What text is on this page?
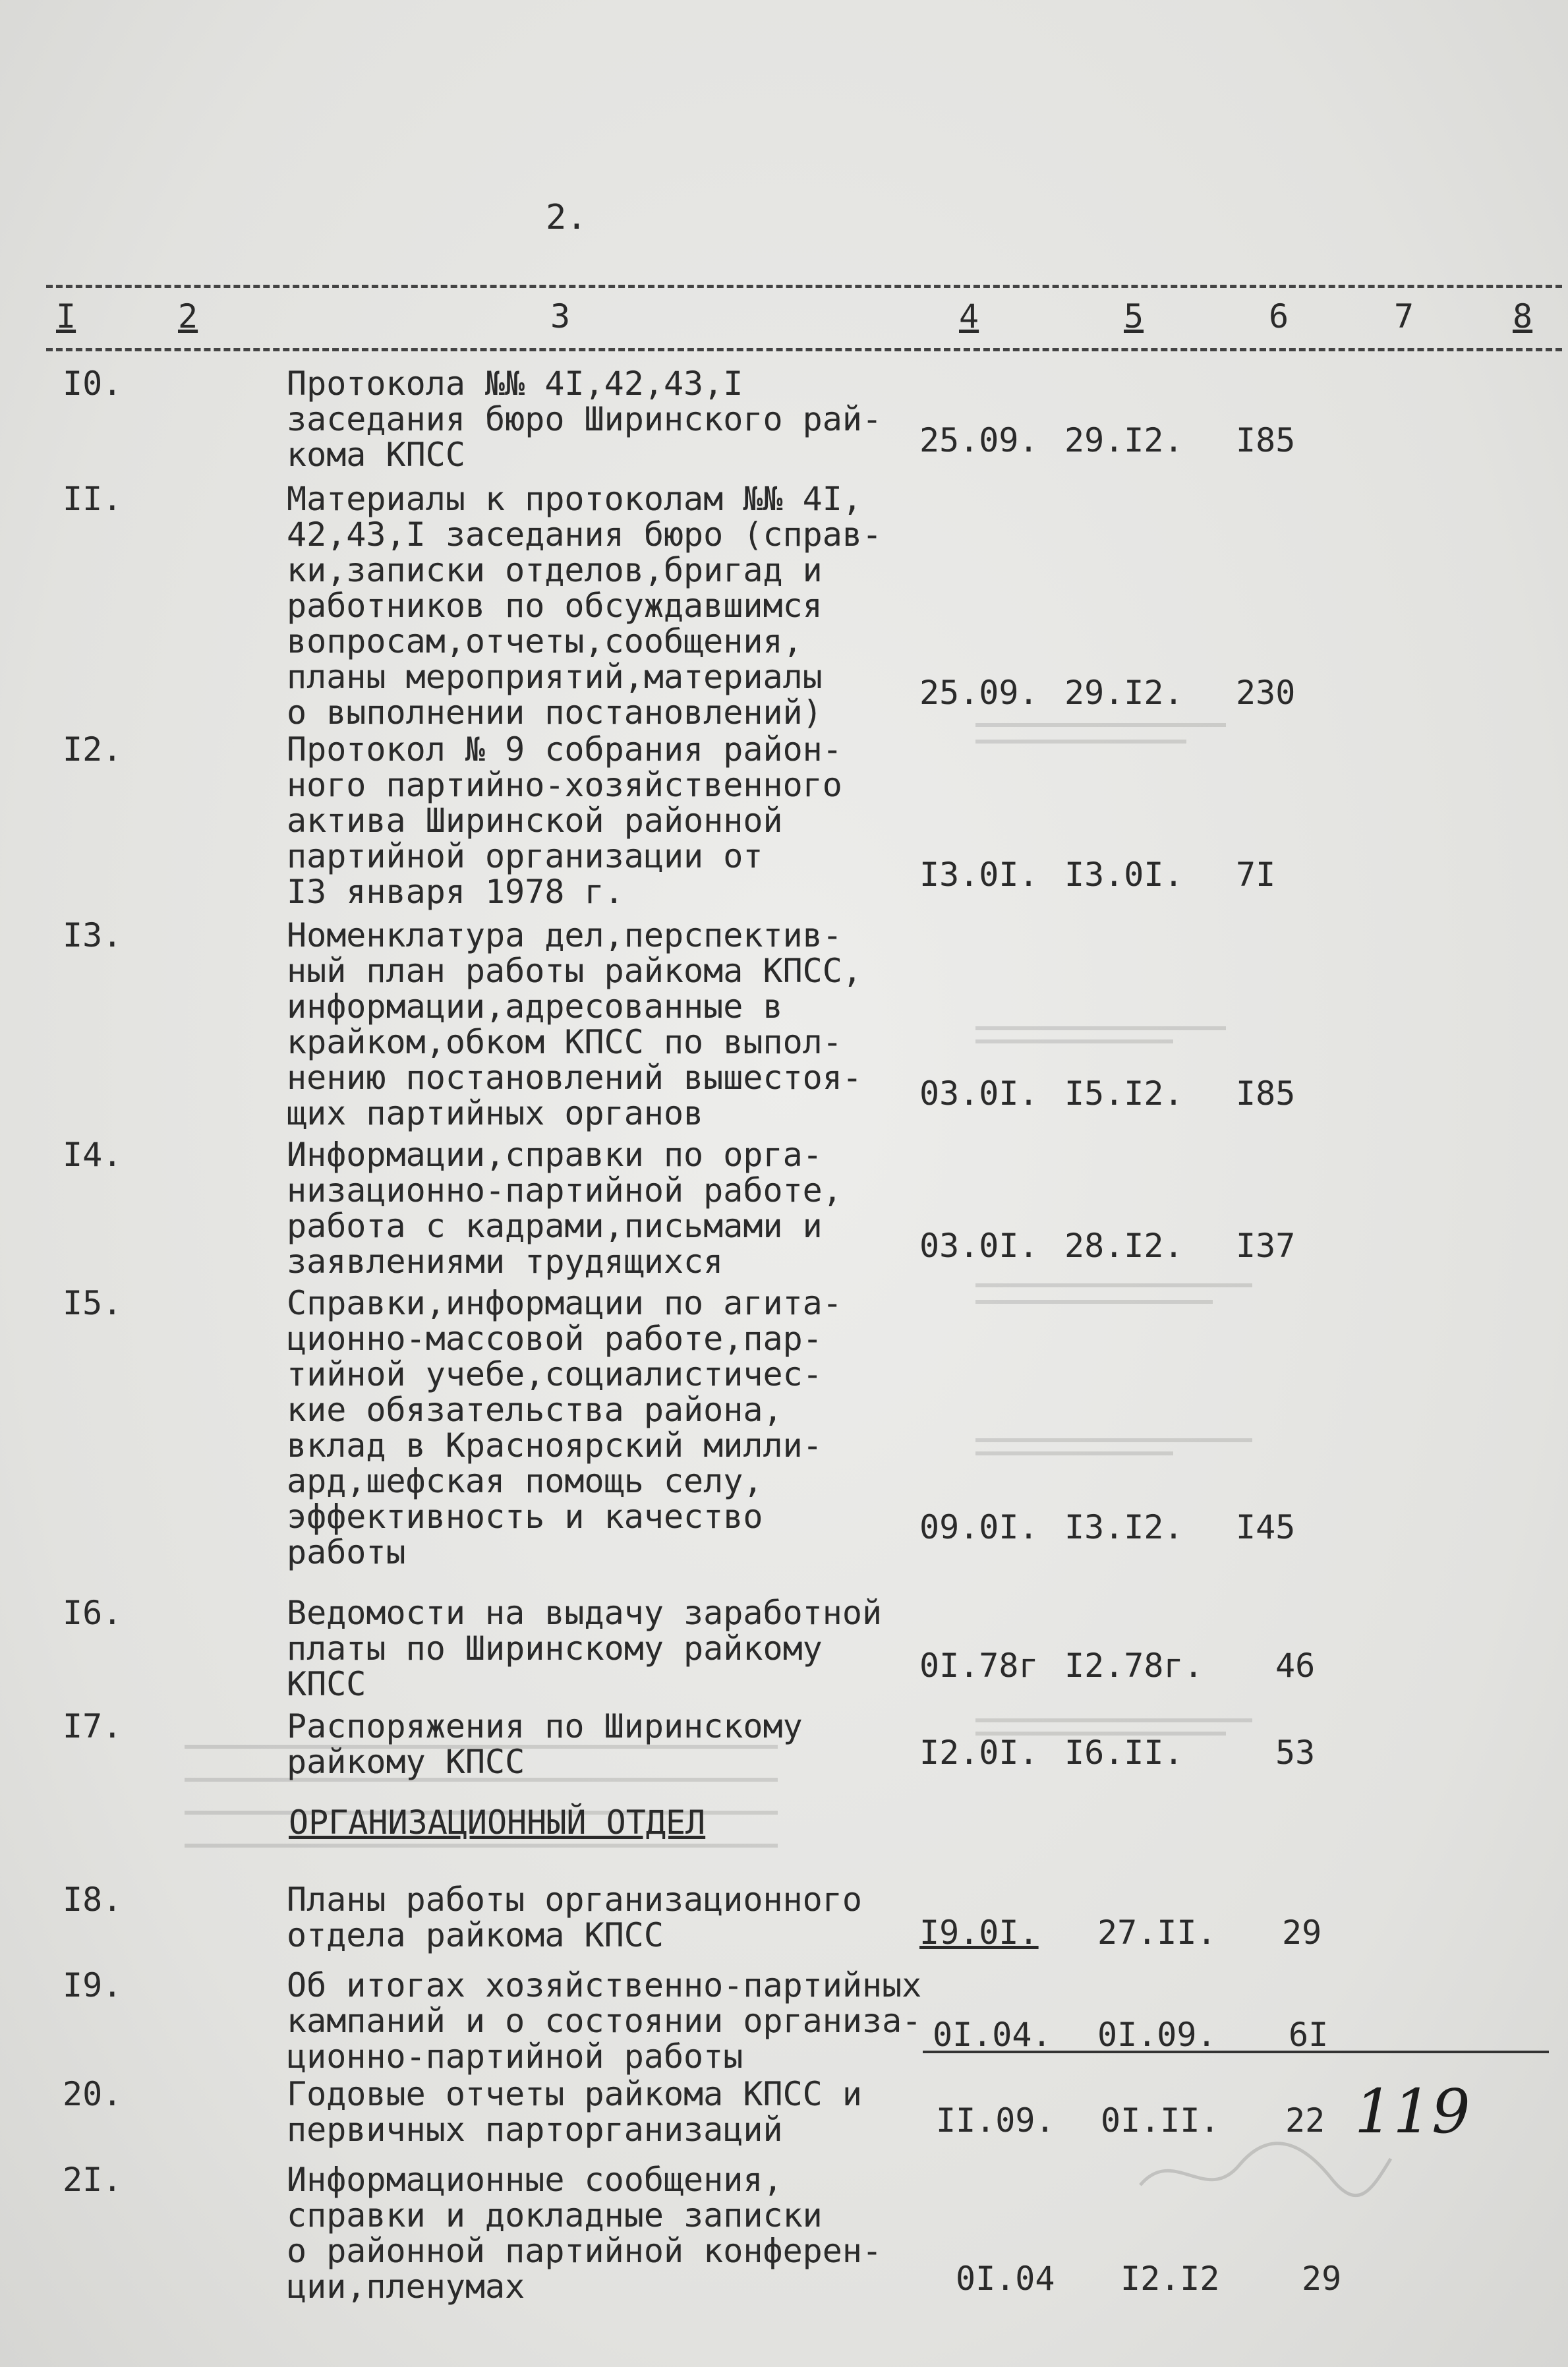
2.
I	2	3	4	5	6	7	8
I0.	Протокола №№ 4I,42,43,I
заседания бюро Ширинского рай-
кома КПСС	25.09. 29.I2. I85
II.	Материалы к протоколам №№ 4I,
42,43,I заседания бюро (справ-
ки,записки отделов,бригад и
работников по обсуждавшимся
вопросам,отчеты,сообщения,
планы мероприятий,материалы
о выполнении постановлений)
25.09. 29.I2. 230
I2.	Протокол № 9 собрания район-
ного партийно-хозяйственного
актива Ширинской районной
партийной организации от
I3 января 1978 г.	I3.0I. I3.0I. 7I
I3.	Номенклатура дел,перспектив-
ный план работы райкома КПСС,
информации,адресованные в
крайком,обком КПСС по выпол-
нению постановлений вышестоя-
щих партийных органов
03.0I. I5.I2. I85
I4.	Информации,справки по орга-
низационно-партийной работе,
работа с кадрами,письмами и
заявлениями трудящихся	03.0I. 28.I2. I37
I5.	Справки,информации по агита-
ционно-массовой работе,пар-
тийной учебе,социалистичес-
кие обязательства района,
вклад в Красноярский милли-
ард,шефская помощь селу,
эффективность и качество
работы
09.0I. I3.I2. I45
I6.	Ведомости на выдачу заработной
платы по Ширинскому райкому
КПСС	0I.78г I2.78г. 46
I7.	Распоряжения по Ширинскому
райкому КПСС	I2.0I. I6.II.	53
ОРГАНИЗАЦИОННЫЙ ОТДЕЛ
I8.	Планы работы организационного
отдела райкома КПСС	I9.0I. 27.II. 29
I9.	Об итогах хозяйственно-партийных
кампаний и о состоянии организа-
ционно-партийной работы
0I.04. 0I.09. 6I
20.	Годовые отчеты райкома КПСС и
первичных парторганизаций	II.09. 0I.II. 22 119
2I.	Информационные сообщения,
справки и докладные записки
о районной партийной конферен-
ции,пленумах	0I.04 I2.I2 29
